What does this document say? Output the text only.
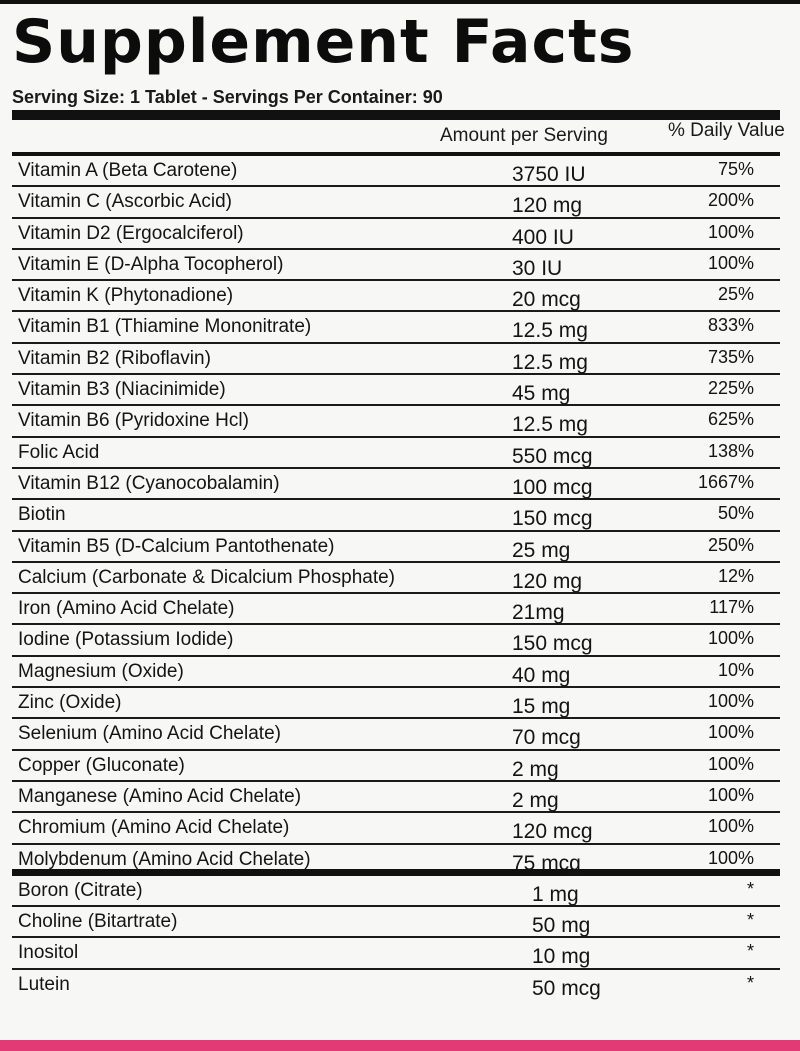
Supplement Facts
Serving Size: 1 Tablet - Servings Per Container: 90
Amount per Serving	% Daily Value
Vitamin A (Beta Carotene)	3750 IU	75%
Vitamin C (Ascorbic Acid)	120 mg	200%
Vitamin D2 (Ergocalciferol)	400 IU	100%
Vitamin E (D-Alpha Tocopherol)	30 IU	100%
Vitamin K (Phytonadione)	20 mcg	25%
Vitamin B1 (Thiamine Mononitrate)	12.5 mg	833%
Vitamin B2 (Riboflavin)	12.5 mg	735%
Vitamin B3 (Niacinimide)	45 mg	225%
Vitamin B6 (Pyridoxine Hcl)	12.5 mg	625%
Folic Acid	550 mcg	138%
Vitamin B12 (Cyanocobalamin)	100 mcg	1667%
Biotin	150 mcg	50%
Vitamin B5 (D-Calcium Pantothenate)	25 mg	250%
Calcium (Carbonate & Dicalcium Phosphate)	120 mg	12%
Iron (Amino Acid Chelate)	21mg	117%
Iodine (Potassium Iodide)	150 mcg	100%
Magnesium (Oxide)	40 mg	10%
Zinc (Oxide)	15 mg	100%
Selenium (Amino Acid Chelate)	70 mcg	100%
Copper (Gluconate)	2 mg	100%
Manganese (Amino Acid Chelate)	2 mg	100%
Chromium (Amino Acid Chelate)	120 mcg	100%
Molybdenum (Amino Acid Chelate)	75 mcg	100%
Boron (Citrate)	1 mg	*
Choline (Bitartrate)	50 mg	*
Inositol	10 mg	*
Lutein	50 mcg	*
